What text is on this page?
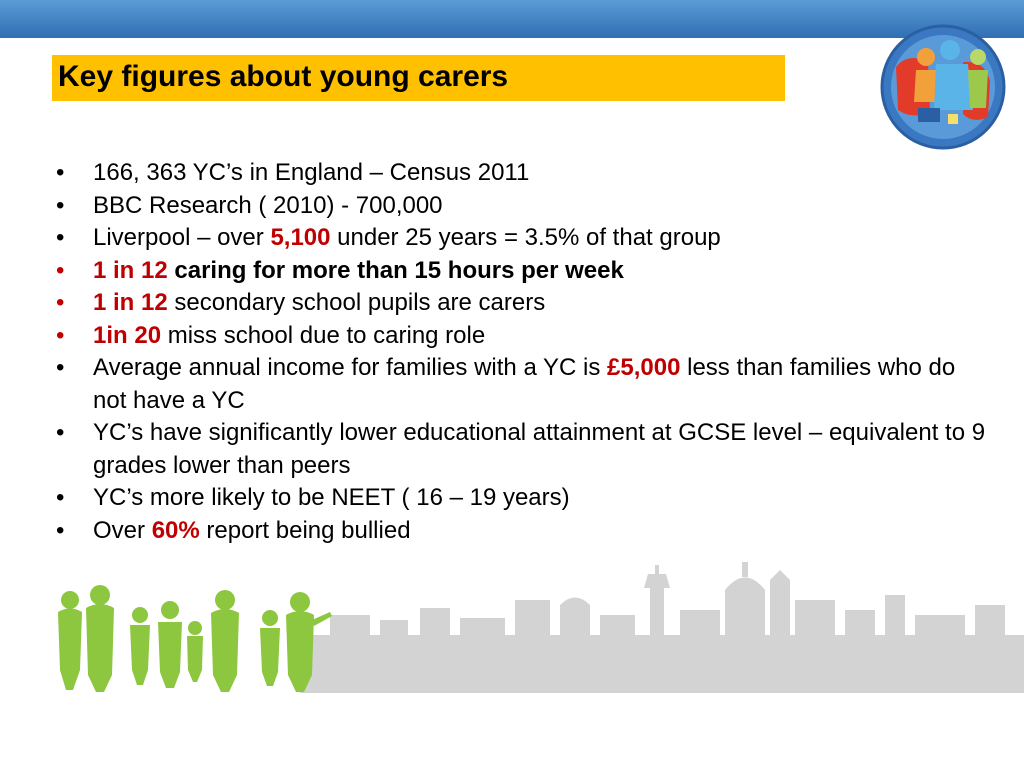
Key figures about young carers
•	166, 363 YC’s in England – Census 2011
•	BBC Research ( 2010) - 700,000
•	Liverpool – over 5,100 under 25 years = 3.5% of that group
•	1 in 12 caring for more than 15 hours per week
•	1 in 12 secondary school pupils are carers
•	1in 20 miss school due to caring role
•	Average annual income for families with a YC is £5,000 less than families who do not have a YC
•	YC’s have significantly lower educational attainment at GCSE level – equivalent to 9 grades lower than peers
•	YC’s more likely to be NEET ( 16 – 19 years)
•	Over 60% report being bullied
